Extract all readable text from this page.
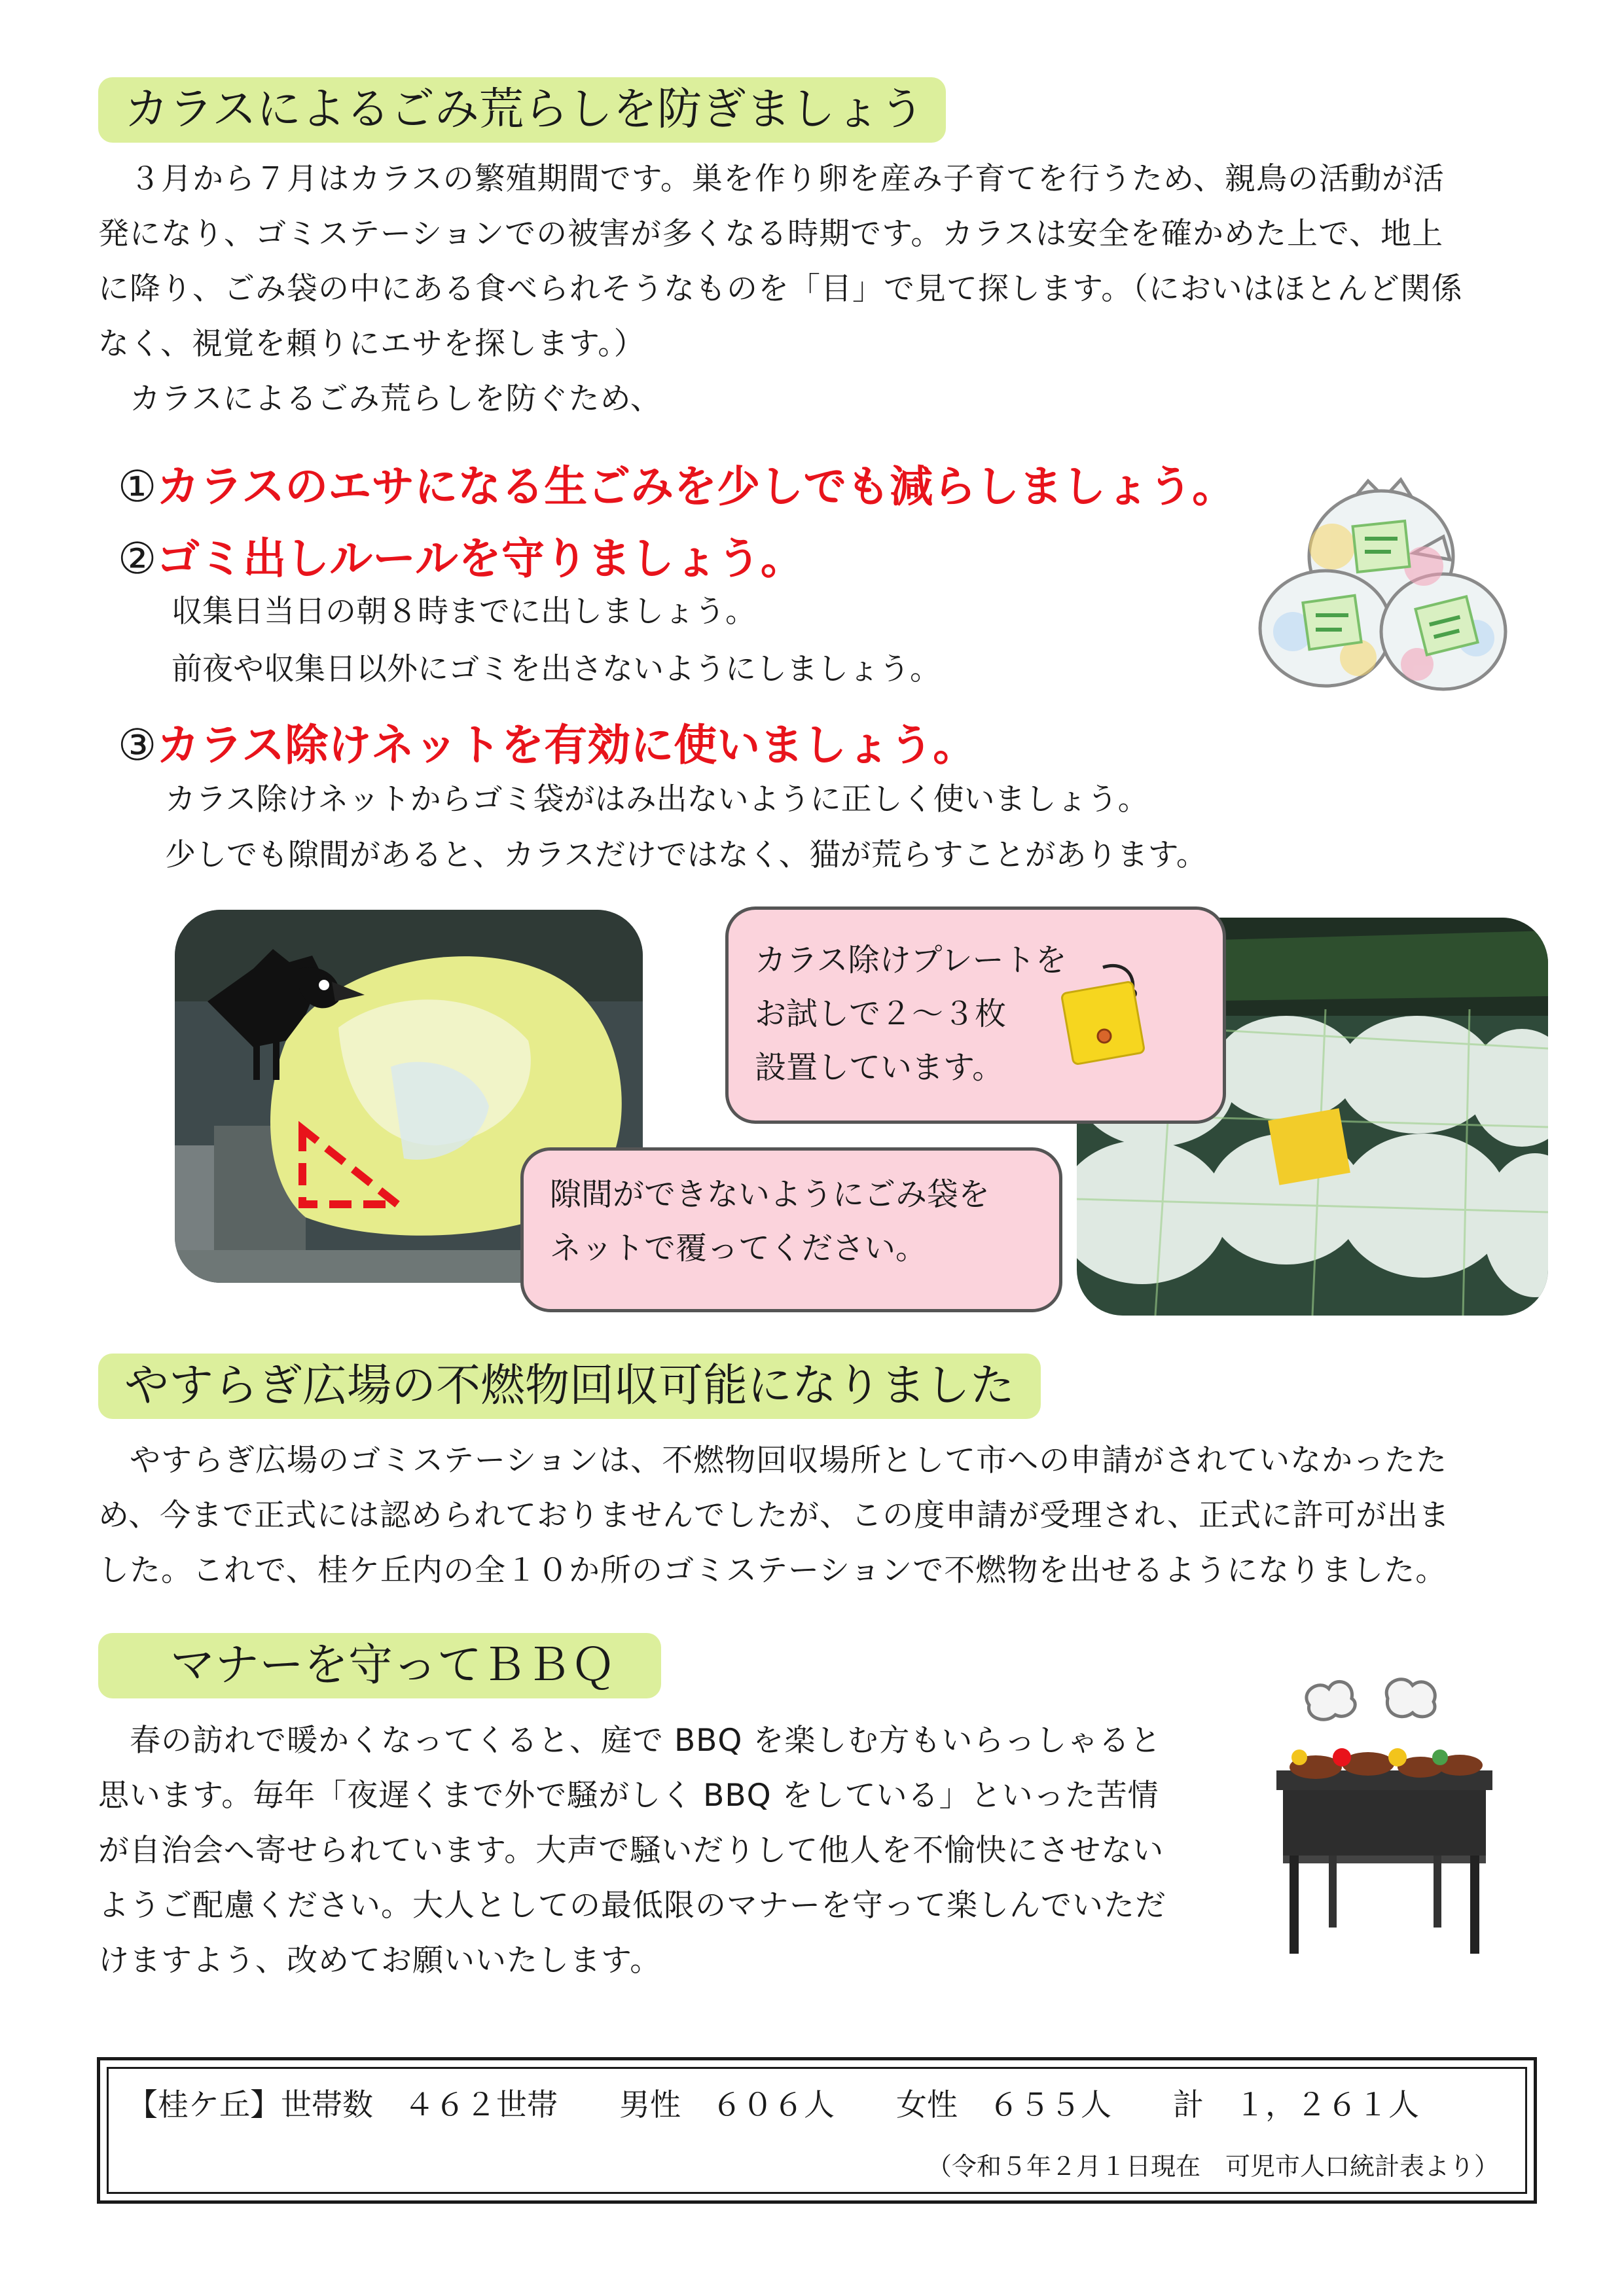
カラスによるごみ荒らしを防ぎましょう

３月から７月はカラスの繁殖期間です。巣を作り卵を産み子育てを行うため、親鳥の活動が活

発になり、ゴミステーションでの被害が多くなる時期です。カラスは安全を確かめた上で、地上

に降り、ごみ袋の中にある食べられそうなものを「目」で見て探します。（においはほとんど関係

なく、視覚を頼りにエサを探します。）

カラスによるごみ荒らしを防ぐため、

①カラスのエサになる生ごみを少しでも減らしましょう。
②ゴミ出しルールを守りましょう。
収集日当日の朝８時までに出しましょう。
前夜や収集日以外にゴミを出さないようにしましょう。
③カラス除けネットを有効に使いましょう。
カラス除けネットからゴミ袋がはみ出ないように正しく使いましょう。
少しでも隙間があると、カラスだけではなく、猫が荒らすことがあります。
カラス除けプレートを
お試しで２～３枚
設置しています。
隙間ができないようにごみ袋を
ネットで覆ってください。
やすらぎ広場の不燃物回収可能になりました

やすらぎ広場のゴミステーションは、不燃物回収場所として市への申請がされていなかったた

め、今まで正式には認められておりませんでしたが、この度申請が受理され、正式に許可が出ま

した。これで、桂ケ丘内の全１０か所のゴミステーションで不燃物を出せるようになりました。

マナーを守ってＢＢＱ

春の訪れで暖かくなってくると、庭で BBQ を楽しむ方もいらっしゃると

思います。毎年「夜遅くまで外で騒がしく BBQ をしている」といった苦情

が自治会へ寄せられています。大声で騒いだりして他人を不愉快にさせない

ようご配慮ください。大人としての最低限のマナーを守って楽しんでいただ

けますよう、改めてお願いいたします。

【桂ケ丘】世帯数　４６２世帯　　男性　６０６人　　女性　６５５人　　計　１，２６１人
（令和５年２月１日現在　可児市人口統計表より）
